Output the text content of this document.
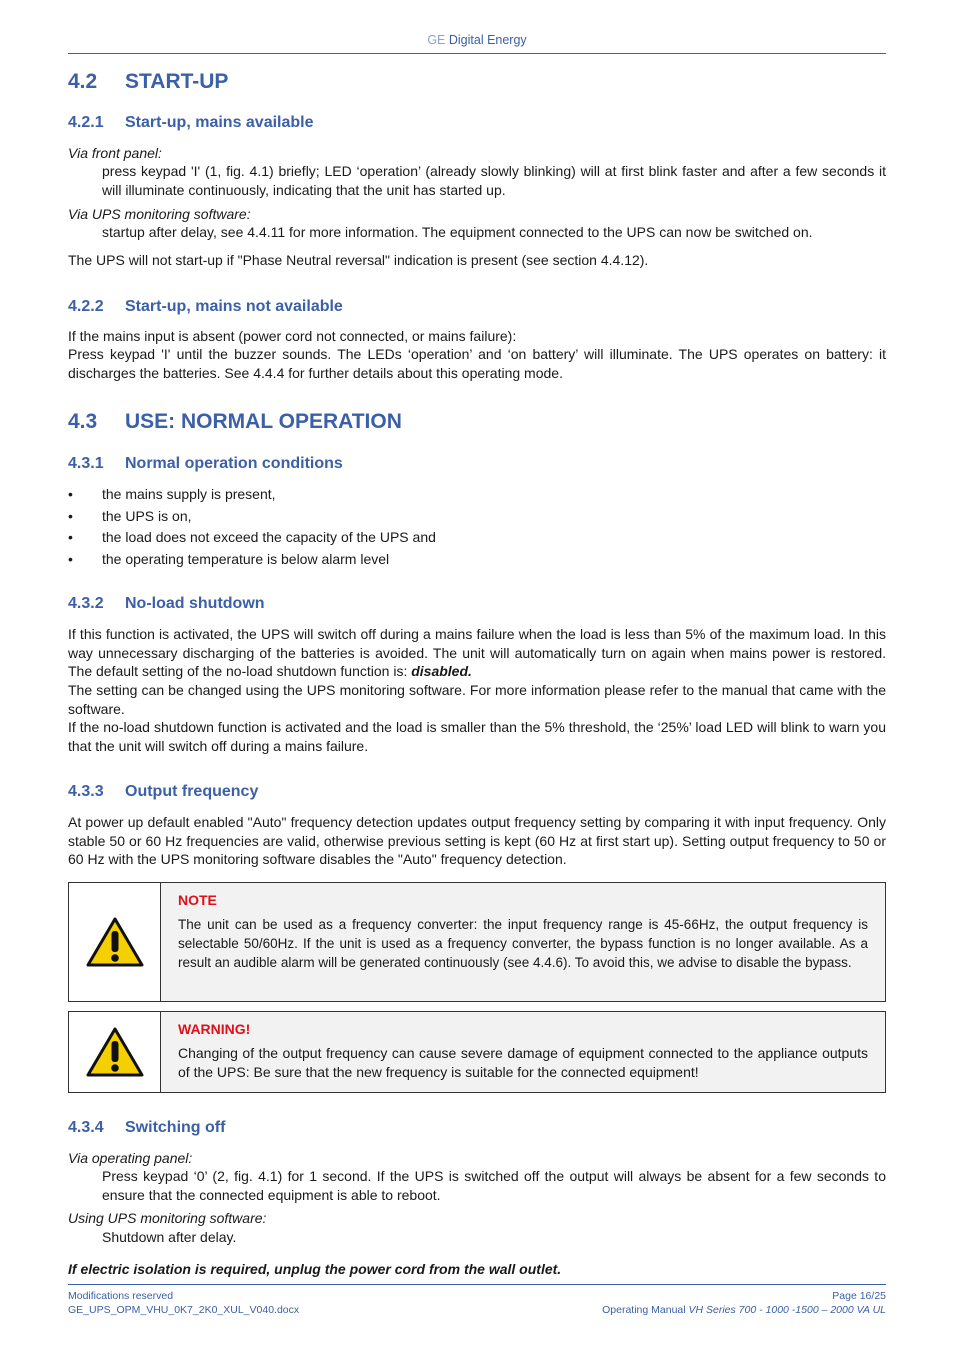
GE Digital Energy
4.2 START-UP
4.2.1 Start-up, mains available
Via front panel:
press keypad 'I' (1, fig. 4.1) briefly; LED ‘operation’ (already slowly blinking) will at first blink faster and after a few seconds it will illuminate continuously, indicating that the unit has started up.
Via UPS monitoring software:
startup after delay, see 4.4.11 for more information. The equipment connected to the UPS can now be switched on.
The UPS will not start-up if "Phase Neutral reversal" indication is present (see section 4.4.12).
4.2.2 Start-up, mains not available
If the mains input is absent (power cord not connected, or mains failure):
Press keypad 'I' until the buzzer sounds. The LEDs ‘operation’ and ‘on battery’ will illuminate. The UPS operates on battery: it discharges the batteries. See 4.4.4 for further details about this operating mode.
4.3 USE: NORMAL OPERATION
4.3.1 Normal operation conditions
• the mains supply is present,
• the UPS is on,
• the load does not exceed the capacity of the UPS and
• the operating temperature is below alarm level
4.3.2 No-load shutdown
If this function is activated, the UPS will switch off during a mains failure when the load is less than 5% of the maximum load. In this way unnecessary discharging of the batteries is avoided. The unit will automatically turn on again when mains power is restored. The default setting of the no-load shutdown function is: disabled.
The setting can be changed using the UPS monitoring software. For more information please refer to the manual that came with the software.
If the no-load shutdown function is activated and the load is smaller than the 5% threshold, the ‘25%’ load LED will blink to warn you that the unit will switch off during a mains failure.
4.3.3 Output frequency
At power up default enabled "Auto" frequency detection updates output frequency setting by comparing it with input frequency. Only stable 50 or 60 Hz frequencies are valid, otherwise previous setting is kept (60 Hz at first start up). Setting output frequency to 50 or 60 Hz with the UPS monitoring software disables the "Auto" frequency detection.
NOTE
The unit can be used as a frequency converter: the input frequency range is 45-66Hz, the output frequency is selectable 50/60Hz. If the unit is used as a frequency converter, the bypass function is no longer available. As a result an audible alarm will be generated continuously (see 4.4.6). To avoid this, we advise to disable the bypass.
WARNING!
Changing of the output frequency can cause severe damage of equipment connected to the appliance outputs of the UPS: Be sure that the new frequency is suitable for the connected equipment!
4.3.4 Switching off
Via operating panel:
Press keypad ‘0’ (2, fig. 4.1) for 1 second. If the UPS is switched off the output will always be absent for a few seconds to ensure that the connected equipment is able to reboot.
Using UPS monitoring software:
Shutdown after delay.
If electric isolation is required, unplug the power cord from the wall outlet.
Modifications reserved
GE_UPS_OPM_VHU_0K7_2K0_XUL_V040.docx
Page 16/25
Operating Manual VH Series 700 - 1000 -1500 – 2000 VA UL
